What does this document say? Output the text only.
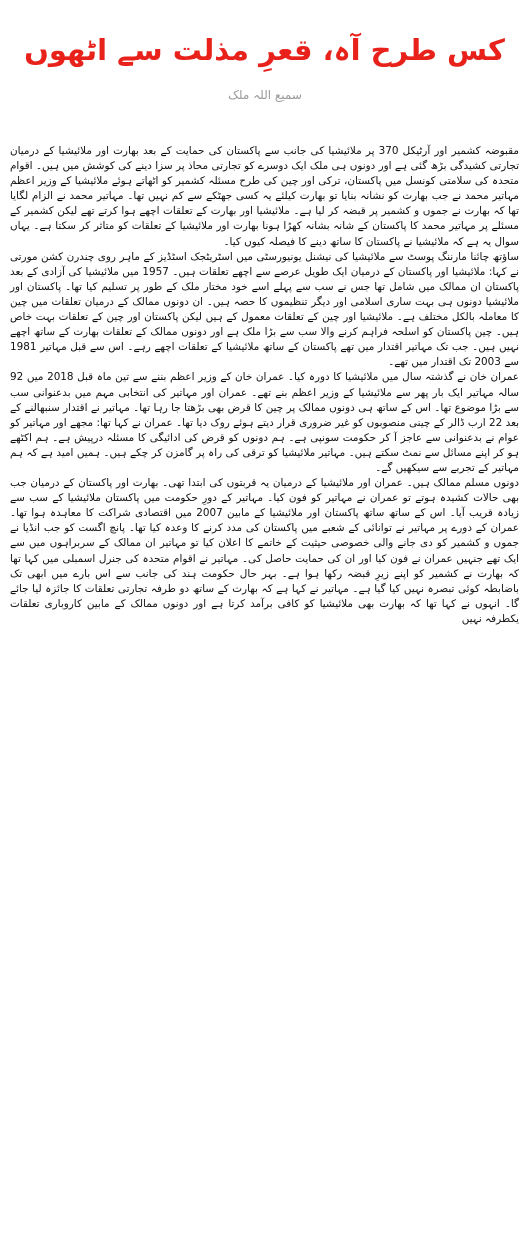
کس طرح آہ، قعرِ مذلت سے اٹھوں
سمیع اللہ ملک

مقبوضہ کشمیر اور آرٹیکل 370 پر ملائیشیا کی جانب سے پاکستان کی حمایت کے بعد بھارت اور ملائیشیا کے درمیان تجارتی کشیدگی بڑھ گئی ہے اور دونوں ہی ملک ایک دوسرے کو تجارتی محاذ پر سزا دینے کی کوشش میں ہیں۔ اقوام متحدہ کی سلامتی کونسل میں پاکستان، ترکی اور چین کی طرح مسئلہ کشمیر کو اٹھاتے ہوئے ملائیشیا کے وزیر اعظم مہاتیر محمد نے جب بھارت کو نشانہ بنایا تو بھارت کیلئے یہ کسی جھٹکے سے کم نہیں تھا۔ مہاتیر محمد نے الزام لگایا تھا کہ بھارت نے جموں و کشمیر پر قبضہ کر لیا ہے۔ ملائیشیا اور بھارت کے تعلقات اچھے ہوا کرتے تھے لیکن کشمیر کے مسئلے پر مہاتیر محمد کا پاکستان کے شانہ بشانہ کھڑا ہونا بھارت اور ملائیشیا کے تعلقات کو متاثر کر سکتا ہے۔ یہاں سوال یہ ہے کہ ملائیشیا نے پاکستان کا ساتھ دینے کا فیصلہ کیوں کیا۔

ساؤتھ چائنا مارننگ پوسٹ سے ملائیشیا کی نیشنل یونیورسٹی میں اسٹریٹجک اسٹڈیز کے ماہر روی چندرن کشن مورتی نے کہا: ملائیشیا اور پاکستان کے درمیان ایک طویل عرصے سے اچھے تعلقات ہیں۔ 1957 میں ملائیشیا کی آزادی کے بعد پاکستان ان ممالک میں شامل تھا جس نے سب سے پہلے اسے خود مختار ملک کے طور پر تسلیم کیا تھا۔ پاکستان اور ملائیشیا دونوں ہی بہت ساری اسلامی اور دیگر تنظیموں کا حصہ ہیں۔ ان دونوں ممالک کے درمیان تعلقات میں چین کا معاملہ بالکل مختلف ہے۔ ملائیشیا اور چین کے تعلقات معمول کے ہیں لیکن پاکستان اور چین کے تعلقات بہت خاص ہیں۔ چین پاکستان کو اسلحہ فراہم کرنے والا سب سے بڑا ملک ہے اور دونوں ممالک کے تعلقات بھارت کے ساتھ اچھے نہیں ہیں۔ جب تک مہاتیر اقتدار میں تھے پاکستان کے ساتھ ملائیشیا کے تعلقات اچھے رہے۔ اس سے قبل مہاتیر 1981 سے 2003 تک اقتدار میں تھے۔

عمران خان نے گذشتہ سال میں ملائیشیا کا دورہ کیا۔ عمران خان کے وزیر اعظم بننے سے تین ماہ قبل 2018 میں 92 سالہ مہاتیر ایک بار پھر سے ملائیشیا کے وزیر اعظم بنے تھے۔ عمران اور مہاتیر کی انتخابی مہم میں بدعنوانی سب سے بڑا موضوع تھا۔ اس کے ساتھ ہی دونوں ممالک پر چین کا قرض بھی بڑھتا جا رہا تھا۔ مہاتیر نے اقتدار سنبھالنے کے بعد 22 ارب ڈالر کے چینی منصوبوں کو غیر ضروری قرار دیتے ہوئے روک دیا تھا۔ عمران نے کہا تھا: مجھے اور مہاتیر کو عوام نے بدعنوانی سے عاجز آ کر حکومت سونپی ہے۔ ہم دونوں کو قرض کی ادائیگی کا مسئلہ درپیش ہے۔ ہم اکٹھے ہو کر اپنے مسائل سے نمٹ سکتے ہیں۔ مہاتیر ملائیشیا کو ترقی کی راہ پر گامزن کر چکے ہیں۔ ہمیں امید ہے کہ ہم مہاتیر کے تجربے سے سیکھیں گے۔

دونوں مسلم ممالک ہیں۔ عمران اور ملائیشیا کے درمیان یہ قربتوں کی ابتدا تھی۔ بھارت اور پاکستان کے درمیان جب بھی حالات کشیدہ ہوتے تو عمران نے مہاتیر کو فون کیا۔ مہاتیر کے دورِ حکومت میں پاکستان ملائیشیا کے سب سے زیادہ قریب آیا۔ اس کے ساتھ ساتھ پاکستان اور ملائیشیا کے مابین 2007 میں اقتصادی شراکت کا معاہدہ ہوا تھا۔ عمران کے دورے پر مہاتیر نے توانائی کے شعبے میں پاکستان کی مدد کرنے کا وعدہ کیا تھا۔ پانچ اگست کو جب انڈیا نے جموں و کشمیر کو دی جانے والی خصوصی حیثیت کے خاتمے کا اعلان کیا تو مہاتیر ان ممالک کے سربراہوں میں سے ایک تھے جنہیں عمران نے فون کیا اور ان کی حمایت حاصل کی۔ مہاتیر نے اقوام متحدہ کی جنرل اسمبلی میں کہا تھا کہ بھارت نے کشمیر کو اپنے زیرِ قبضہ رکھا ہوا ہے۔ بہر حال حکومت ہند کی جانب سے اس بارے میں ابھی تک باضابطہ کوئی تبصرہ نہیں کیا گیا ہے۔ مہاتیر نے کہا ہے کہ بھارت کے ساتھ دو طرفہ تجارتی تعلقات کا جائزہ لیا جائے گا۔ انہوں نے کہا تھا کہ بھارت بھی ملائیشیا کو کافی برآمد کرتا ہے اور دونوں ممالک کے مابین کاروباری تعلقات یکطرفہ نہیں
